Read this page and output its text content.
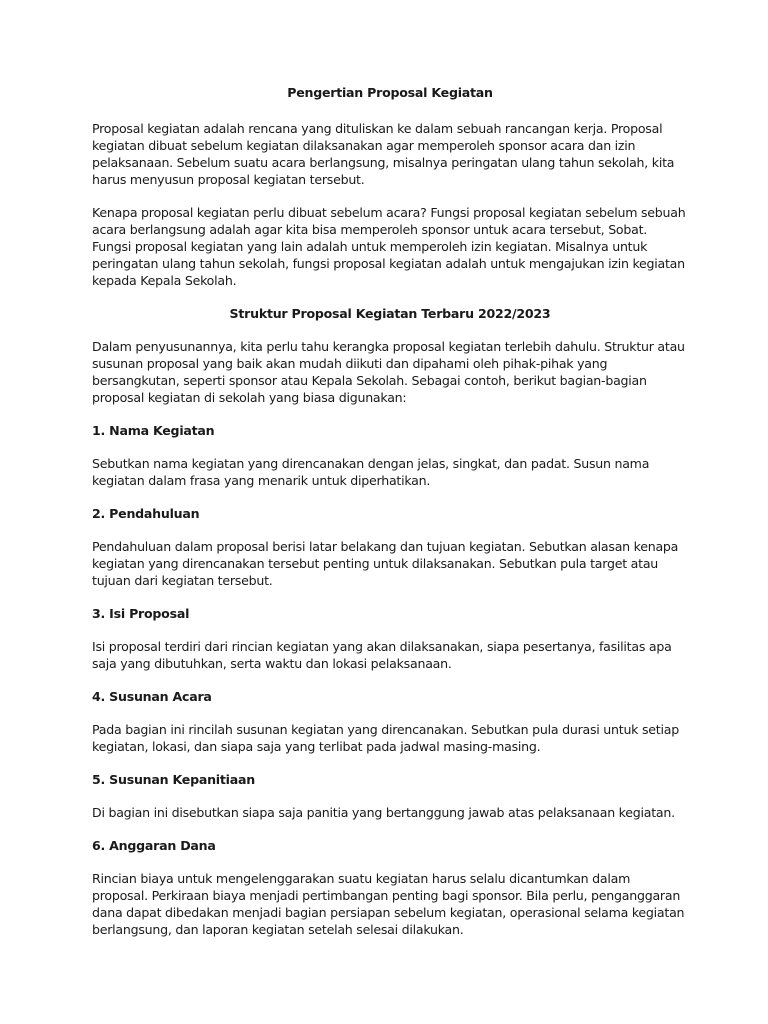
Pengertian Proposal Kegiatan

Proposal kegiatan adalah rencana yang dituliskan ke dalam sebuah rancangan kerja. Proposal kegiatan dibuat sebelum kegiatan dilaksanakan agar memperoleh sponsor acara dan izin pelaksanaan. Sebelum suatu acara berlangsung, misalnya peringatan ulang tahun sekolah, kita harus menyusun proposal kegiatan tersebut.

Kenapa proposal kegiatan perlu dibuat sebelum acara? Fungsi proposal kegiatan sebelum sebuah acara berlangsung adalah agar kita bisa memperoleh sponsor untuk acara tersebut, Sobat. Fungsi proposal kegiatan yang lain adalah untuk memperoleh izin kegiatan. Misalnya untuk peringatan ulang tahun sekolah, fungsi proposal kegiatan adalah untuk mengajukan izin kegiatan kepada Kepala Sekolah.

Struktur Proposal Kegiatan Terbaru 2022/2023

Dalam penyusunannya, kita perlu tahu kerangka proposal kegiatan terlebih dahulu. Struktur atau susunan proposal yang baik akan mudah diikuti dan dipahami oleh pihak-pihak yang bersangkutan, seperti sponsor atau Kepala Sekolah. Sebagai contoh, berikut bagian-bagian proposal kegiatan di sekolah yang biasa digunakan:

1. Nama Kegiatan

Sebutkan nama kegiatan yang direncanakan dengan jelas, singkat, dan padat. Susun nama kegiatan dalam frasa yang menarik untuk diperhatikan.

2. Pendahuluan

Pendahuluan dalam proposal berisi latar belakang dan tujuan kegiatan. Sebutkan alasan kenapa kegiatan yang direncanakan tersebut penting untuk dilaksanakan. Sebutkan pula target atau tujuan dari kegiatan tersebut.

3. Isi Proposal

Isi proposal terdiri dari rincian kegiatan yang akan dilaksanakan, siapa pesertanya, fasilitas apa saja yang dibutuhkan, serta waktu dan lokasi pelaksanaan.

4. Susunan Acara

Pada bagian ini rincilah susunan kegiatan yang direncanakan. Sebutkan pula durasi untuk setiap kegiatan, lokasi, dan siapa saja yang terlibat pada jadwal masing-masing.

5. Susunan Kepanitiaan

Di bagian ini disebutkan siapa saja panitia yang bertanggung jawab atas pelaksanaan kegiatan.

6. Anggaran Dana

Rincian biaya untuk mengelenggarakan suatu kegiatan harus selalu dicantumkan dalam proposal. Perkiraan biaya menjadi pertimbangan penting bagi sponsor. Bila perlu, penganggaran dana dapat dibedakan menjadi bagian persiapan sebelum kegiatan, operasional selama kegiatan berlangsung, dan laporan kegiatan setelah selesai dilakukan.
